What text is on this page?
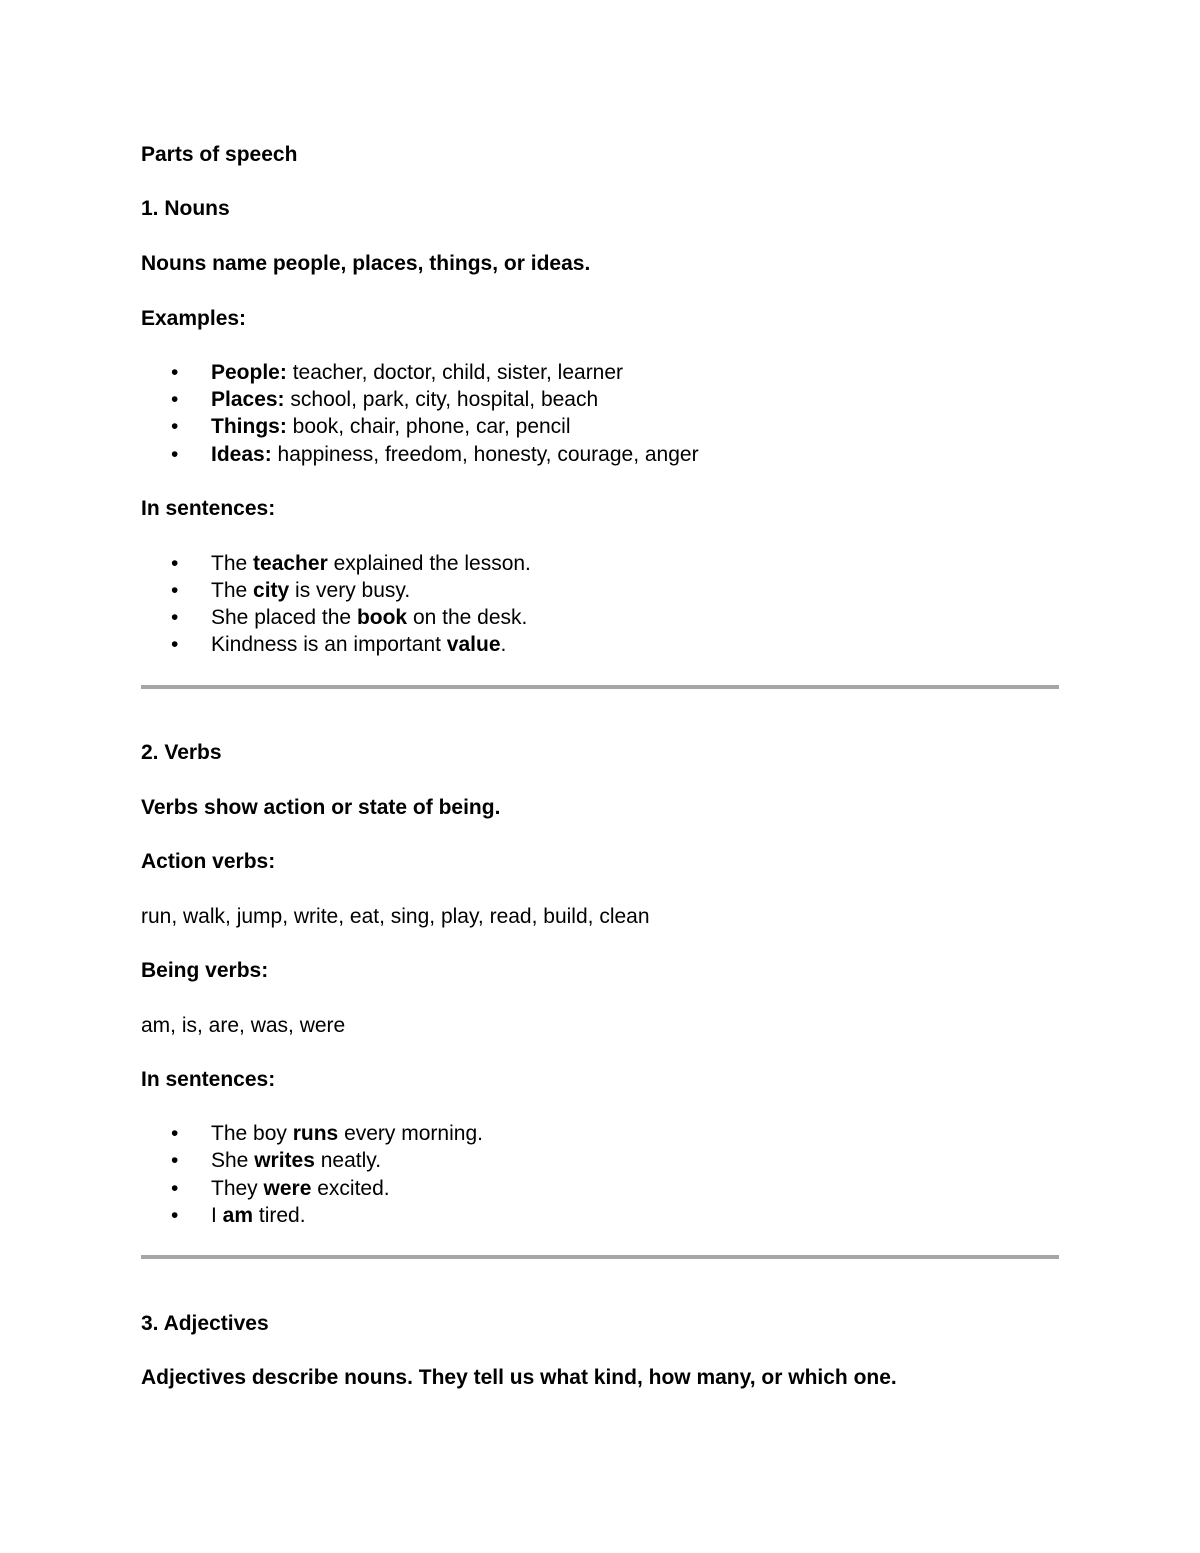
Parts of speech
1. Nouns
Nouns name people, places, things, or ideas.
Examples:
• People: teacher, doctor, child, sister, learner
• Places: school, park, city, hospital, beach
• Things: book, chair, phone, car, pencil
• Ideas: happiness, freedom, honesty, courage, anger
In sentences:
• The teacher explained the lesson.
• The city is very busy.
• She placed the book on the desk.
• Kindness is an important value.
2. Verbs
Verbs show action or state of being.
Action verbs:
run, walk, jump, write, eat, sing, play, read, build, clean
Being verbs:
am, is, are, was, were
In sentences:
• The boy runs every morning.
• She writes neatly.
• They were excited.
• I am tired.
3. Adjectives
Adjectives describe nouns. They tell us what kind, how many, or which one.
